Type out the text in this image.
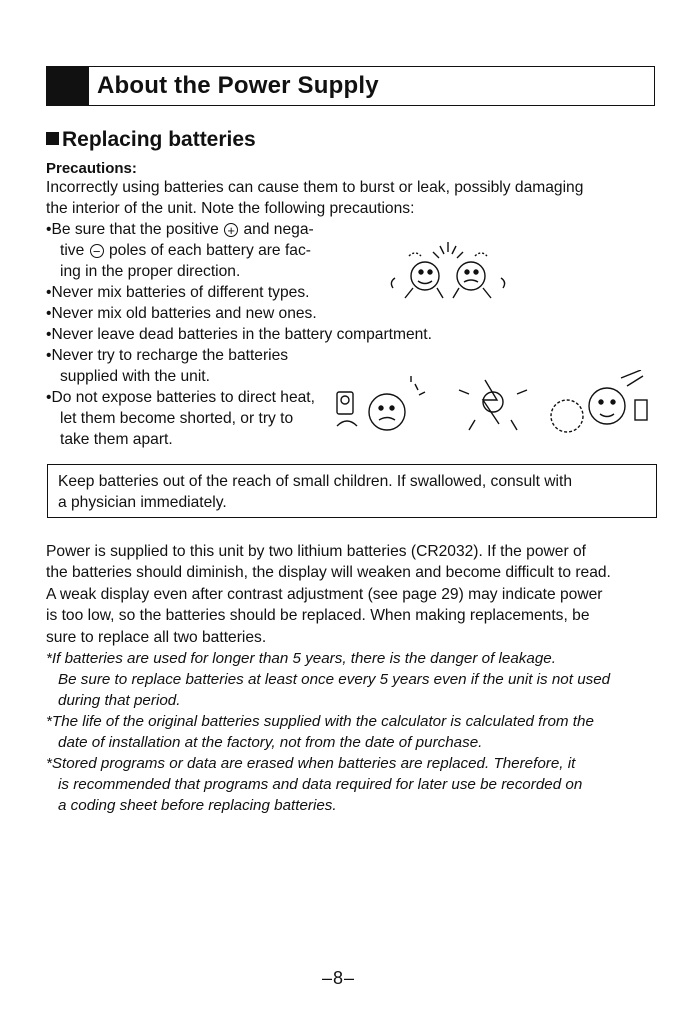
About the Power Supply
Replacing batteries
Precautions:
Incorrectly using batteries can cause them to burst or leak, possibly damaging
the interior of the unit. Note the following precautions:
•Be sure that the positive + and nega-
tive − poles of each battery are fac-
ing in the proper direction.
•Never mix batteries of different types.
•Never mix old batteries and new ones.
•Never leave dead batteries in the battery compartment.
•Never try to recharge the batteries
supplied with the unit.
•Do not expose batteries to direct heat,
let them become shorted, or try to
take them apart.
Keep batteries out of the reach of small children. If swallowed, consult with
a physician immediately.
Power is supplied to this unit by two lithium batteries (CR2032). If the power of
the batteries should diminish, the display will weaken and become difficult to read.
A weak display even after contrast adjustment (see page 29) may indicate power
is too low, so the batteries should be replaced. When making replacements, be
sure to replace all two batteries.
*If batteries are used for longer than 5 years, there is the danger of leakage.
Be sure to replace batteries at least once every 5 years even if the unit is not used
during that period.
*The life of the original batteries supplied with the calculator is calculated from the
date of installation at the factory, not from the date of purchase.
*Stored programs or data are erased when batteries are replaced. Therefore, it
is recommended that programs and data required for later use be recorded on
a coding sheet before replacing batteries.
–8–
